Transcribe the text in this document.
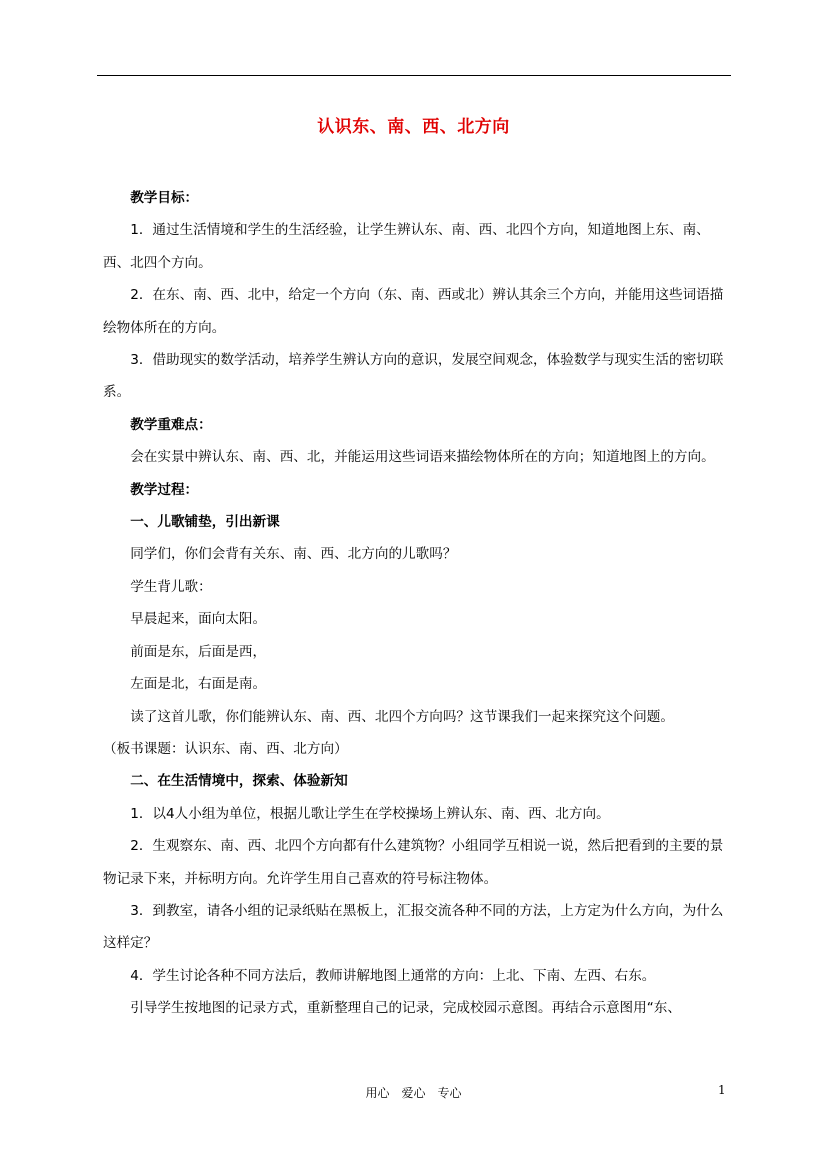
认识东、南、西、北方向

教学目标：

1．通过生活情境和学生的生活经验，让学生辨认东、南、西、北四个方向，知道地图上东、南、西、北四个方向。

2．在东、南、西、北中，给定一个方向（东、南、西或北）辨认其余三个方向，并能用这些词语描绘物体所在的方向。

3．借助现实的数学活动，培养学生辨认方向的意识，发展空间观念，体验数学与现实生活的密切联系。

教学重难点：

会在实景中辨认东、南、西、北，并能运用这些词语来描绘物体所在的方向；知道地图上的方向。

教学过程：

一、儿歌铺垫，引出新课

同学们，你们会背有关东、南、西、北方向的儿歌吗？

学生背儿歌：

早晨起来，面向太阳。

前面是东，后面是西，

左面是北，右面是南。

读了这首儿歌，你们能辨认东、南、西、北四个方向吗？这节课我们一起来探究这个问题。

（板书课题：认识东、南、西、北方向）

二、在生活情境中，探索、体验新知

1．以4人小组为单位，根据儿歌让学生在学校操场上辨认东、南、西、北方向。

2．生观察东、南、西、北四个方向都有什么建筑物？小组同学互相说一说，然后把看到的主要的景物记录下来，并标明方向。允许学生用自己喜欢的符号标注物体。

3．到教室，请各小组的记录纸贴在黑板上，汇报交流各种不同的方法，上方定为什么方向，为什么这样定？

4．学生讨论各种不同方法后，教师讲解地图上通常的方向：上北、下南、左西、右东。

引导学生按地图的记录方式，重新整理自己的记录，完成校园示意图。再结合示意图用“东、

用心　爱心　专心	1
